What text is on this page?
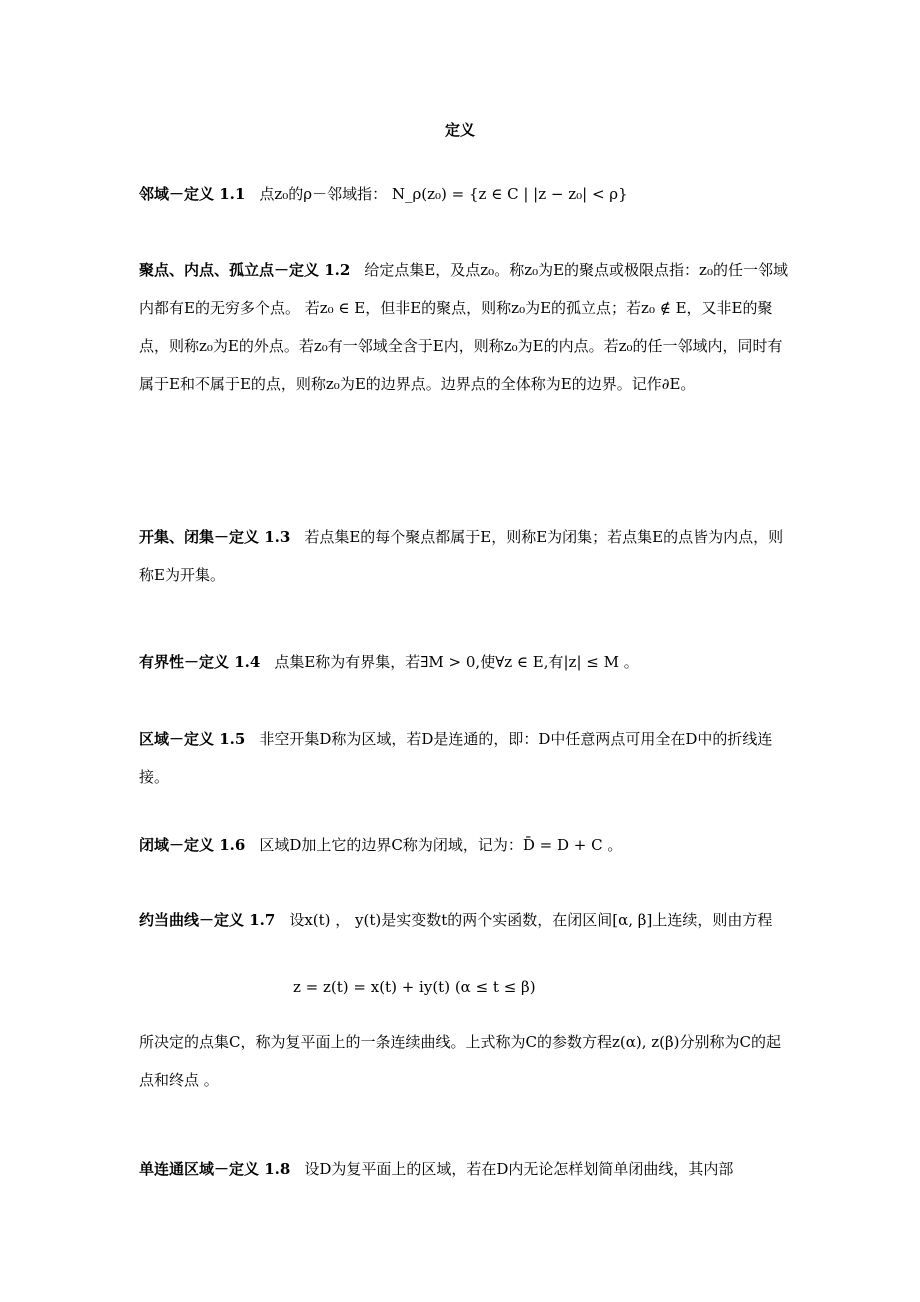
定义
邻域－定义 1.1 点z₀的ρ－邻域指： N_ρ(z₀) = {z ∈ C | |z − z₀| < ρ}
聚点、内点、孤立点－定义 1.2 给定点集E，及点z₀。称z₀为E的聚点或极限点指：z₀的任一邻域内都有E的无穷多个点。 若z₀ ∈ E，但非E的聚点，则称z₀为E的孤立点；若z₀ ∉ E，又非E的聚点，则称z₀为E的外点。若z₀有一邻域全含于E内，则称z₀为E的内点。若z₀的任一邻域内，同时有属于E和不属于E的点，则称z₀为E的边界点。边界点的全体称为E的边界。记作∂E。
开集、闭集－定义 1.3 若点集E的每个聚点都属于E，则称E为闭集；若点集E的点皆为内点，则称E为开集。
有界性－定义 1.4 点集E称为有界集，若∃M > 0,使∀z ∈ E,有|z| ≤ M 。
区域－定义 1.5 非空开集D称为区域，若D是连通的，即：D中任意两点可用全在D中的折线连接。
闭域－定义 1.6 区域D加上它的边界C称为闭域，记为：D̄ = D + C 。
约当曲线－定义 1.7 设x(t) ， y(t)是实变数t的两个实函数，在闭区间[α, β]上连续，则由方程
z = z(t) = x(t) + iy(t) (α ≤ t ≤ β)
所决定的点集C，称为复平面上的一条连续曲线。上式称为C的参数方程z(α), z(β)分别称为C的起点和终点 。
单连通区域－定义 1.8 设D为复平面上的区域，若在D内无论怎样划简单闭曲线，其内部
